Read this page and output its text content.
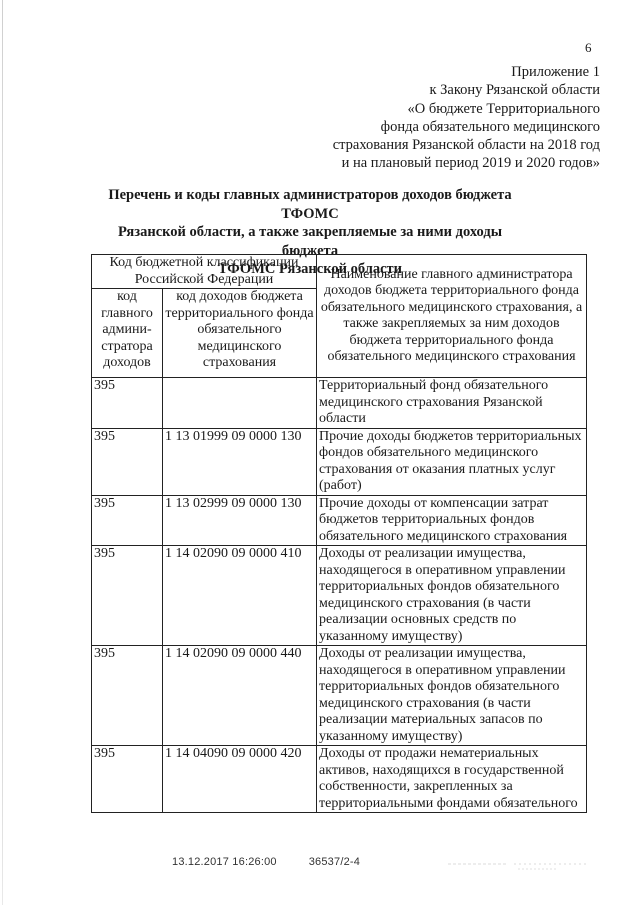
6
Приложение 1
к Закону Рязанской области
«О бюджете Территориального
фонда обязательного медицинского
страхования Рязанской области на 2018 год
и на плановый период 2019 и 2020 годов»
Перечень и коды главных администраторов доходов бюджета ТФОМС
Рязанской области, а также закрепляемые за ними доходы бюджета
ТФОМС Рязанской области
Код бюджетной классификации Российской Федерации		Наименование главного администратора доходов бюджета территориального фонда обязательного медицинского страхования, а также закрепляемых за ним доходов бюджета территориального фонда обязательного медицинского страхования
код главного админи-стратора доходов	код доходов бюджета территориального фонда обязательного медицинского страхования	
395		Территориальный фонд обязательного медицинского страхования Рязанской области
395	1 13 01999 09 0000 130	Прочие доходы бюджетов территориальных фондов обязательного медицинского страхования от оказания платных услуг (работ)
395	1 13 02999 09 0000 130	Прочие доходы от компенсации затрат бюджетов территориальных фондов обязательного медицинского страхования
395	1 14 02090 09 0000 410	Доходы от реализации имущества, находящегося в оперативном управлении территориальных фондов обязательного медицинского страхования (в части реализации основных средств по указанному имуществу)
395	1 14 02090 09 0000 440	Доходы от реализации имущества, находящегося в оперативном управлении территориальных фондов обязательного медицинского страхования (в части реализации материальных запасов по указанному имуществу)
395	1 14 04090 09 0000 420	Доходы от продажи нематериальных активов, находящихся в государственной собственности, закрепленных за территориальными фондами обязательного
13.12.2017 16:26:00	36537/2-4
